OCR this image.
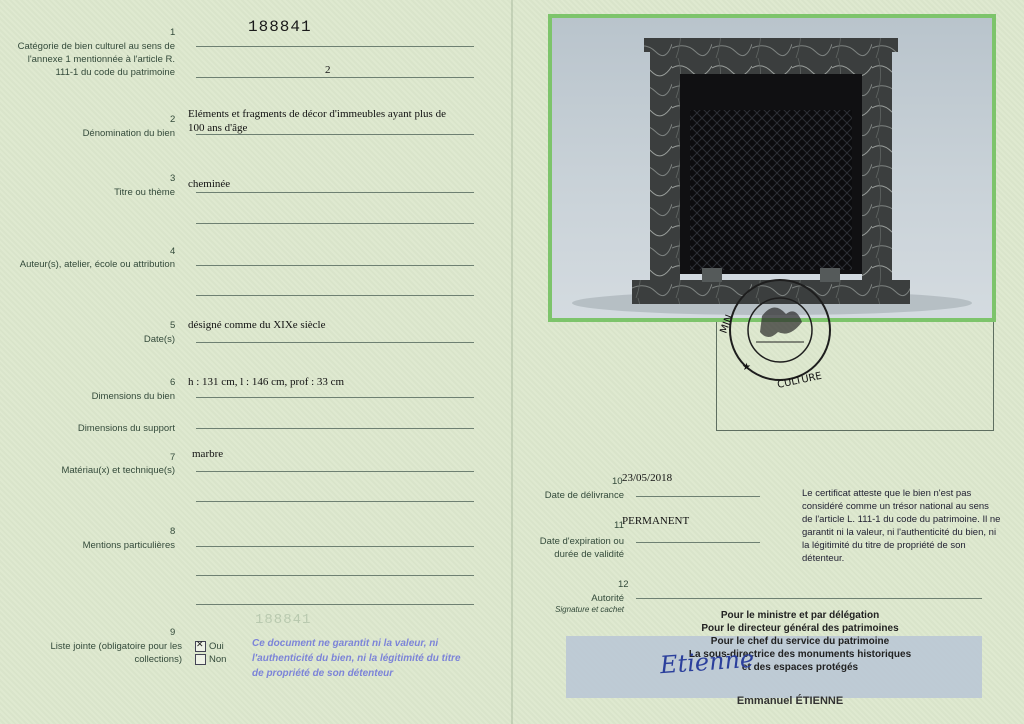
188841
1
Catégorie de bien culturel au sens de l'annexe 1 mentionnée à l'article R. 111-1 du code du patrimoine	2
2
Dénomination du bien
Eléments et fragments de décor d'immeubles ayant plus de
100 ans d'âge
3
Titre ou thème
cheminée
4
Auteur(s), atelier, école ou attribution
5
Date(s)
désigné comme du XIXe siècle
6
Dimensions du bien
h : 131 cm, l : 146 cm, prof : 33 cm
Dimensions du support
7
Matériau(x) et technique(s)
marbre
8
Mentions particulières
188841
9
Liste jointe (obligatoire pour les collections)
✕
Oui
Non
Ce document ne garantit ni la valeur, ni l'authenticité du bien, ni la légitimité du titre de propriété de son détenteur
MIN
CULTURE
★
10 23/05/2018
Date de délivrance
11
PERMANENT
Date d'expiration ou durée de validité
Le certificat atteste que le bien n'est pas considéré comme un trésor national au sens de l'article L. 111-1 du code du patrimoine. Il ne garantit ni la valeur, ni l'authenticité du bien, ni la légitimité du titre de propriété de son détenteur.
12
Autorité
Signature et cachet
Pour le ministre et par délégation
Pour le directeur général des patrimoines
Pour le chef du service du patrimoine
La sous-directrice des monuments historiques
et des espaces protégés
Etienne
Emmanuel ÉTIENNE
